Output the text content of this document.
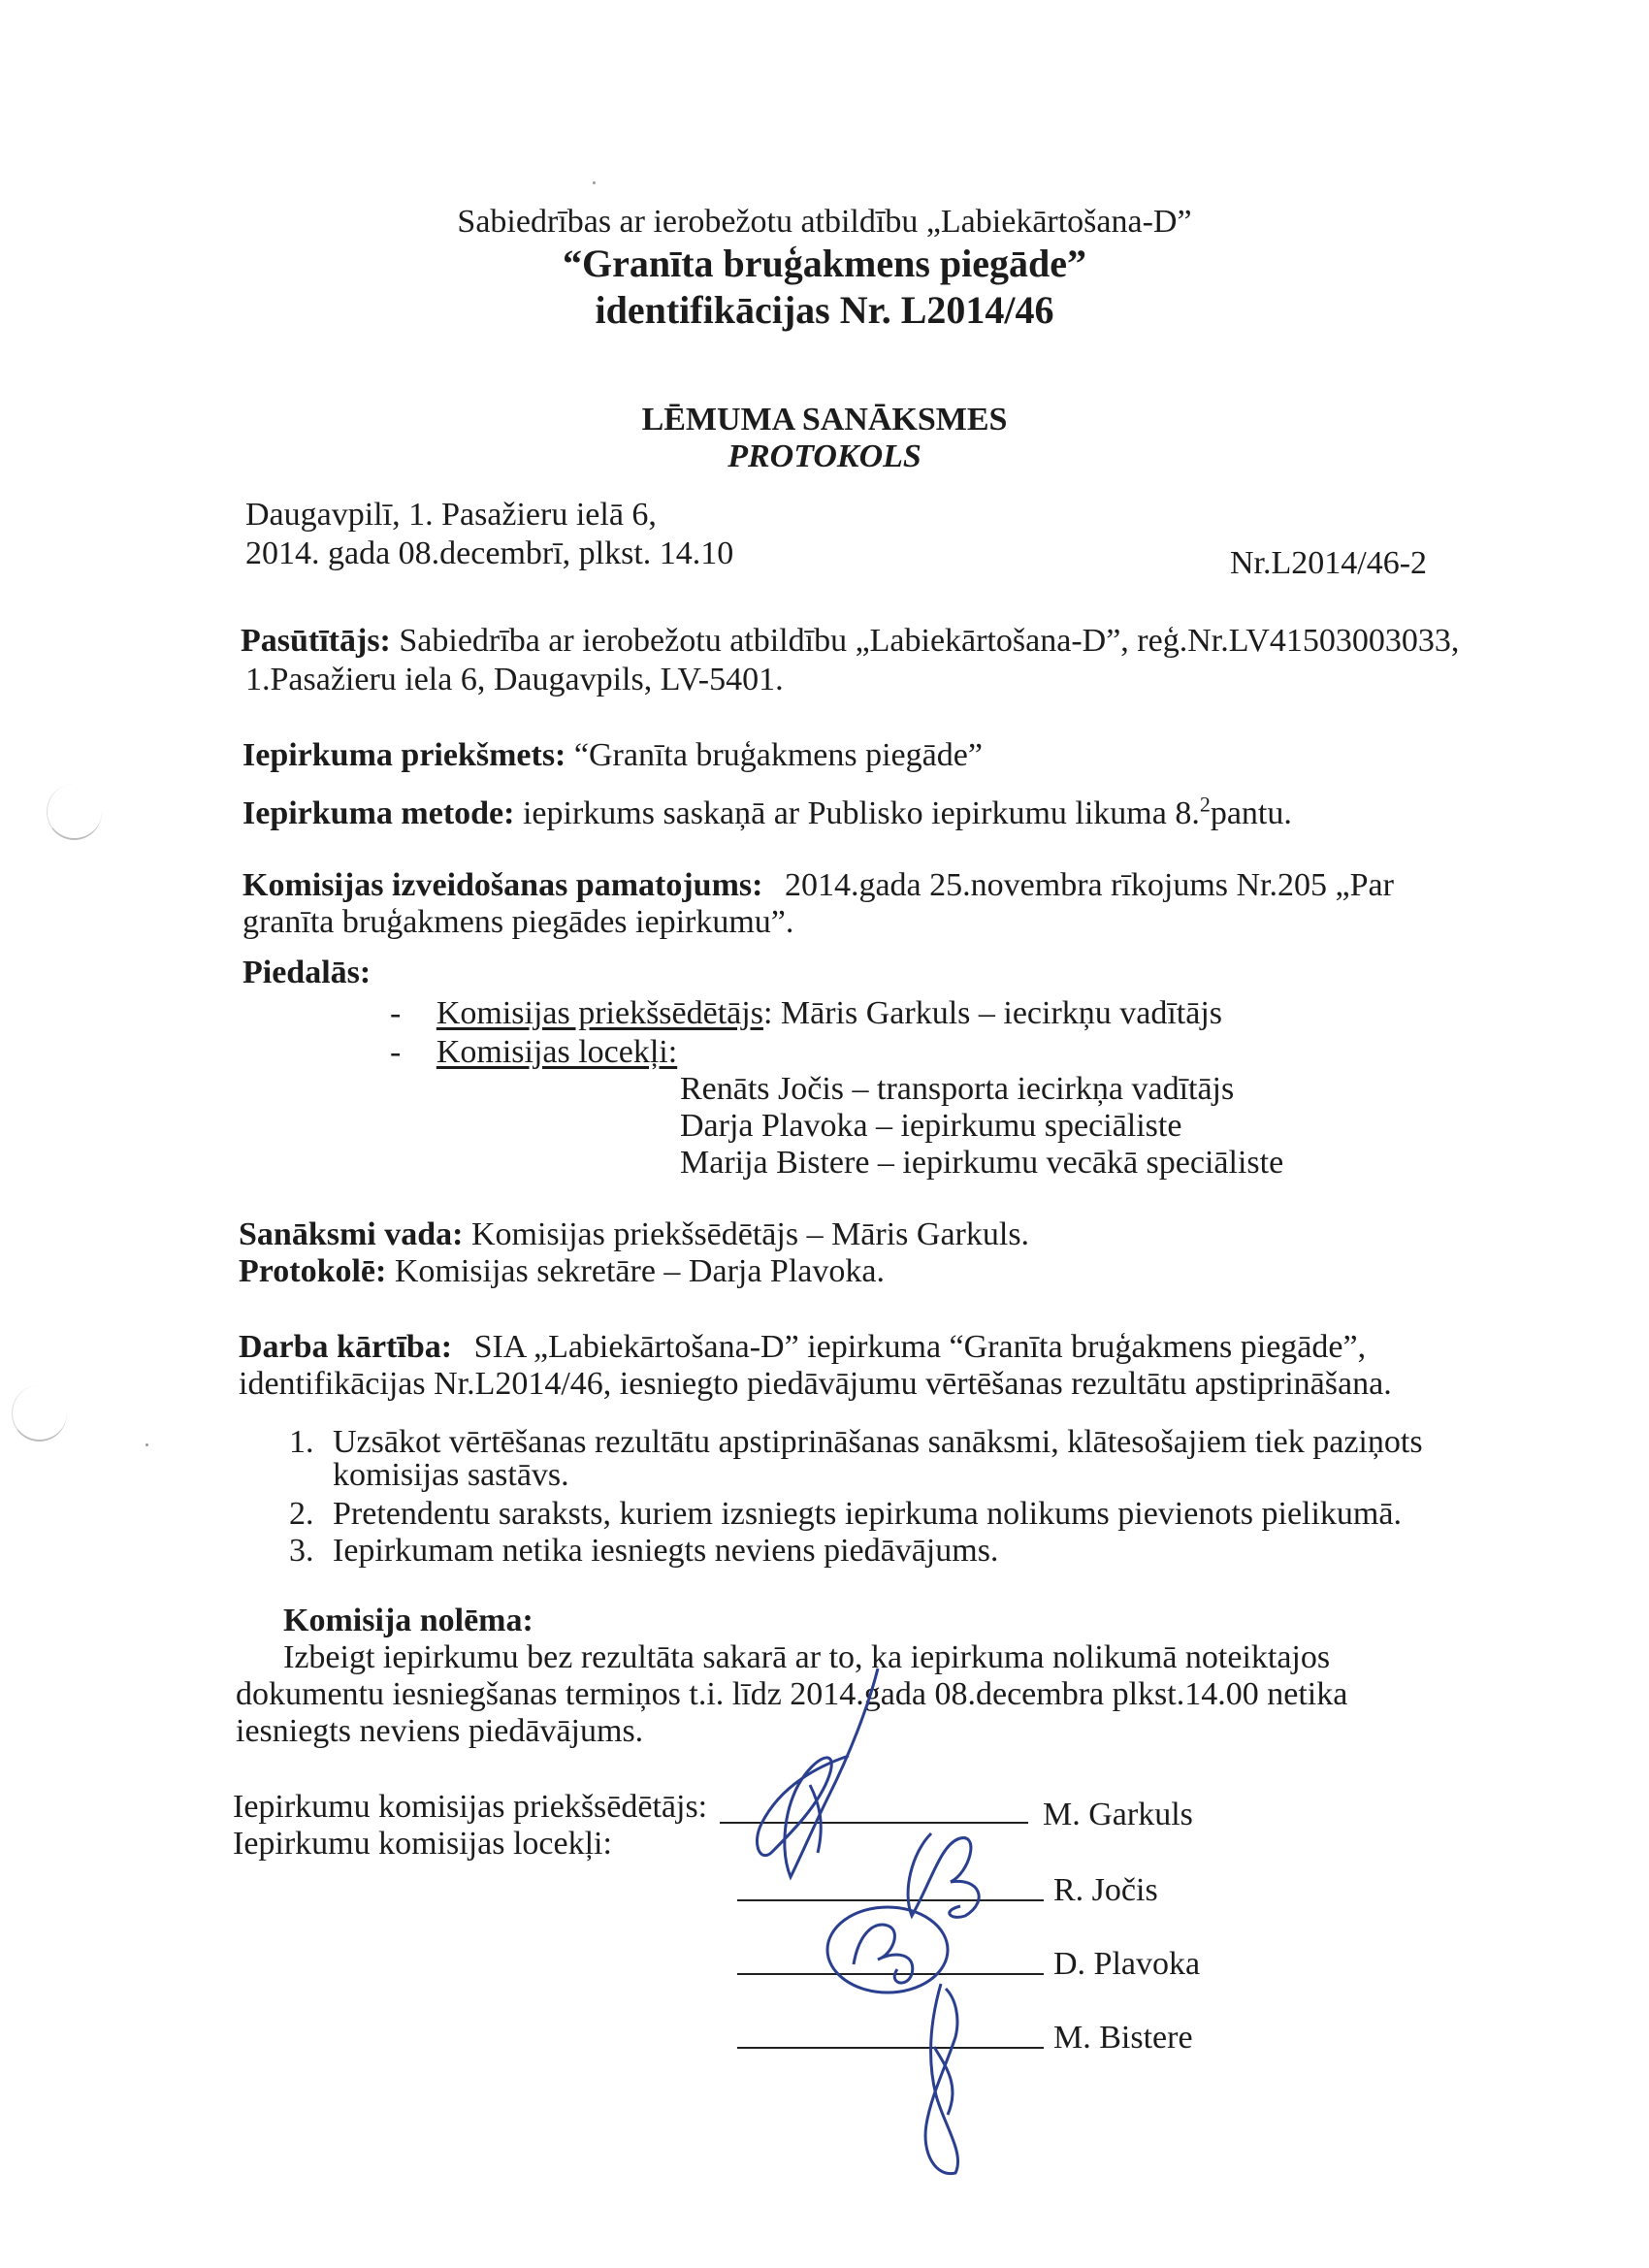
Sabiedrības ar ierobežotu atbildību „Labiekārtošana-D”
“Granīta bruģakmens piegāde”
identifikācijas Nr. L2014/46
LĒMUMA SANĀKSMES
PROTOKOLS
Daugavpilī, 1. Pasažieru ielā 6,
2014. gada 08.decembrī, plkst. 14.10	Nr.L2014/46-2
Pasūtītājs: Sabiedrība ar ierobežotu atbildību „Labiekārtošana-D”, reģ.Nr.LV41503003033,
1.Pasažieru iela 6, Daugavpils, LV-5401.
Iepirkuma priekšmets: “Granīta bruģakmens piegāde”
Iepirkuma metode: iepirkums saskaņā ar Publisko iepirkumu likuma 8.$^2$pantu.
Komisijas izveidošanas pamatojums: 2014.gada 25.novembra rīkojums Nr.205 „Par
granīta bruģakmens piegādes iepirkumu”.
Piedalās:
- Komisijas priekšsēdētājs: Māris Garkuls – iecirkņu vadītājs
- Komisijas locekļi:
Renāts Jočis – transporta iecirkņa vadītājs
Darja Plavoka – iepirkumu speciāliste
Marija Bistere – iepirkumu vecākā speciāliste
Sanāksmi vada: Komisijas priekšsēdētājs – Māris Garkuls.
Protokolē: Komisijas sekretāre – Darja Plavoka.
Darba kārtība: SIA „Labiekārtošana-D” iepirkuma “Granīta bruģakmens piegāde”,
identifikācijas Nr.L2014/46, iesniegto piedāvājumu vērtēšanas rezultātu apstiprināšana.
1. Uzsākot vērtēšanas rezultātu apstiprināšanas sanāksmi, klātesošajiem tiek paziņots
komisijas sastāvs.
2. Pretendentu saraksts, kuriem izsniegts iepirkuma nolikums pievienots pielikumā.
3. Iepirkumam netika iesniegts neviens piedāvājums.
Komisija nolēma:
Izbeigt iepirkumu bez rezultāta sakarā ar to, ka iepirkuma nolikumā noteiktajos
dokumentu iesniegšanas termiņos t.i. līdz 2014.gada 08.decembra plkst.14.00 netika
iesniegts neviens piedāvājums.
Iepirkumu komisijas priekšsēdētājs:
Iepirkumu komisijas locekļi:
M. Garkuls
R. Jočis
D. Plavoka
M. Bistere
